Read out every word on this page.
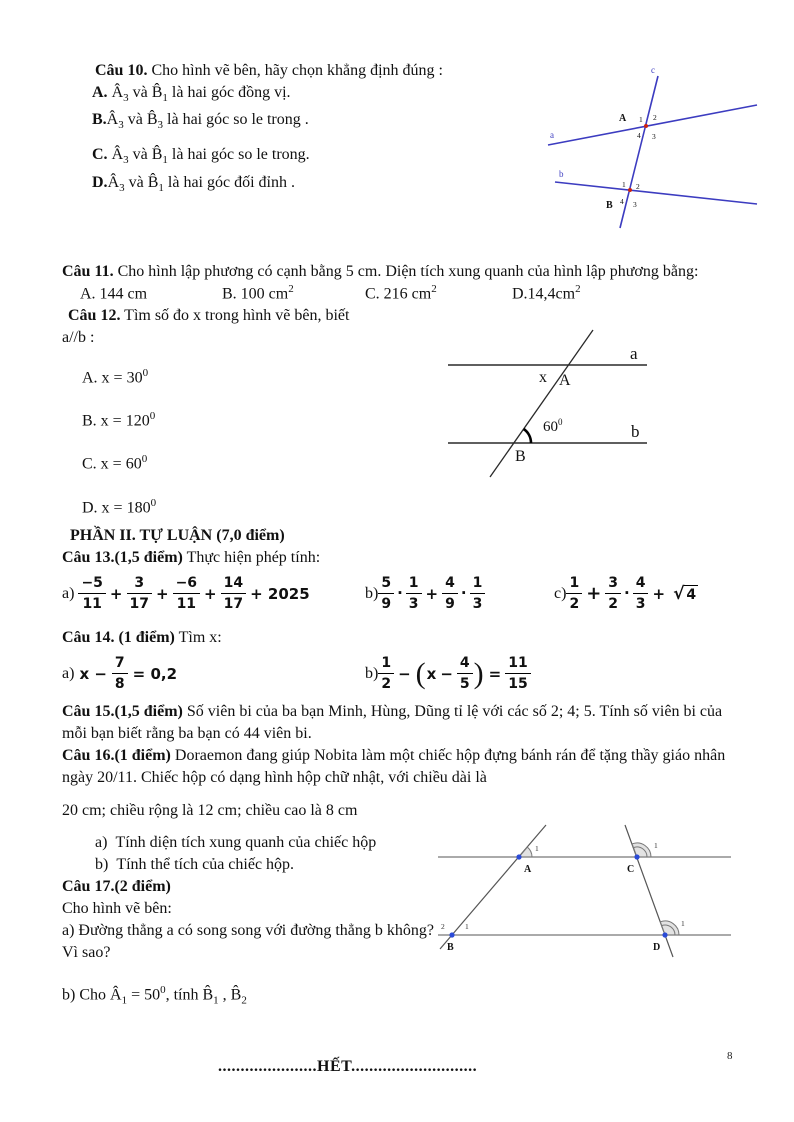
Câu 10. Cho hình vẽ bên, hãy chọn khẳng định đúng :

A. $Â_3$ và $B̂_1$ là hai góc đồng vị.

$B.Â_3$ và $B̂_3$ là hai góc so le trong .

C. $Â_3$ và $B̂_1$ là hai góc so le trong.

$D.Â_3$ và $B̂_1$ là hai góc đối đỉnh .

Câu 11. Cho hình lập phương có cạnh bằng 5 cm. Diện tích xung quanh của hình lập phương bằng:

A. 144 cm	B. 100 $cm^2$	C. 216 $cm^2$	$D.14,4cm^2$

Câu 12. Tìm số đo x trong hình vẽ bên, biết

a//b :

A. $x = 30^0$

B. $x = 120^0$

C. $x = 60^0$

D. $x = 180^0$

PHẦN II. TỰ LUẬN (7,0 điểm)

Câu 13.(1,5 điểm) Thực hiện phép tính:

$a) \frac{-5}{11} + \frac{3}{17} + \frac{-6}{11} + \frac{14}{17} + 2025$	$b) \frac{5}{9}$ . $\frac{1}{3} + \frac{4}{9}$ . $\frac{1}{3}$	$c) \frac{1}{2} + \frac{3}{2}$ . $\frac{4}{3}$ + √ 4

Câu 14. (1 điểm) Tìm x:

a) $x - \frac{7}{8} = 0,2$	$b) \frac{1}{2}$ − ( $x - \frac{4}{5}$ ) = $\frac{11}{15}$

Câu 15.(1,5 điểm) Số viên bi của ba bạn Minh, Hùng, Dũng tỉ lệ với các số 2; 4; 5. Tính số viên bi của mỗi bạn biết rằng ba bạn có 44 viên bi.

Câu 16.(1 điểm) Doraemon đang giúp Nobita làm một chiếc hộp đựng bánh rán để tặng thầy giáo nhân ngày 20/11. Chiếc hộp có dạng hình hộp chữ nhật, với chiều dài là

20 cm; chiều rộng là 12 cm; chiều cao là 8 cm

a) Tính diện tích xung quanh của chiếc hộp

b) Tính thể tích của chiếc hộp.

Câu 17.(2 điểm)

Cho hình vẽ bên:

a) Đường thẳng a có song song với đường thẳng b không? Vì sao?

b) Cho $Â_1 = 50^0$, tính $B̂_1$ , $B̂_2$

......................HẾT............................

c
a
b
A 1 2
4 3
1 2
4 3
B
a
b
x A
B
$60^0$
A
B
C
D
1	1
2	1	1
8
